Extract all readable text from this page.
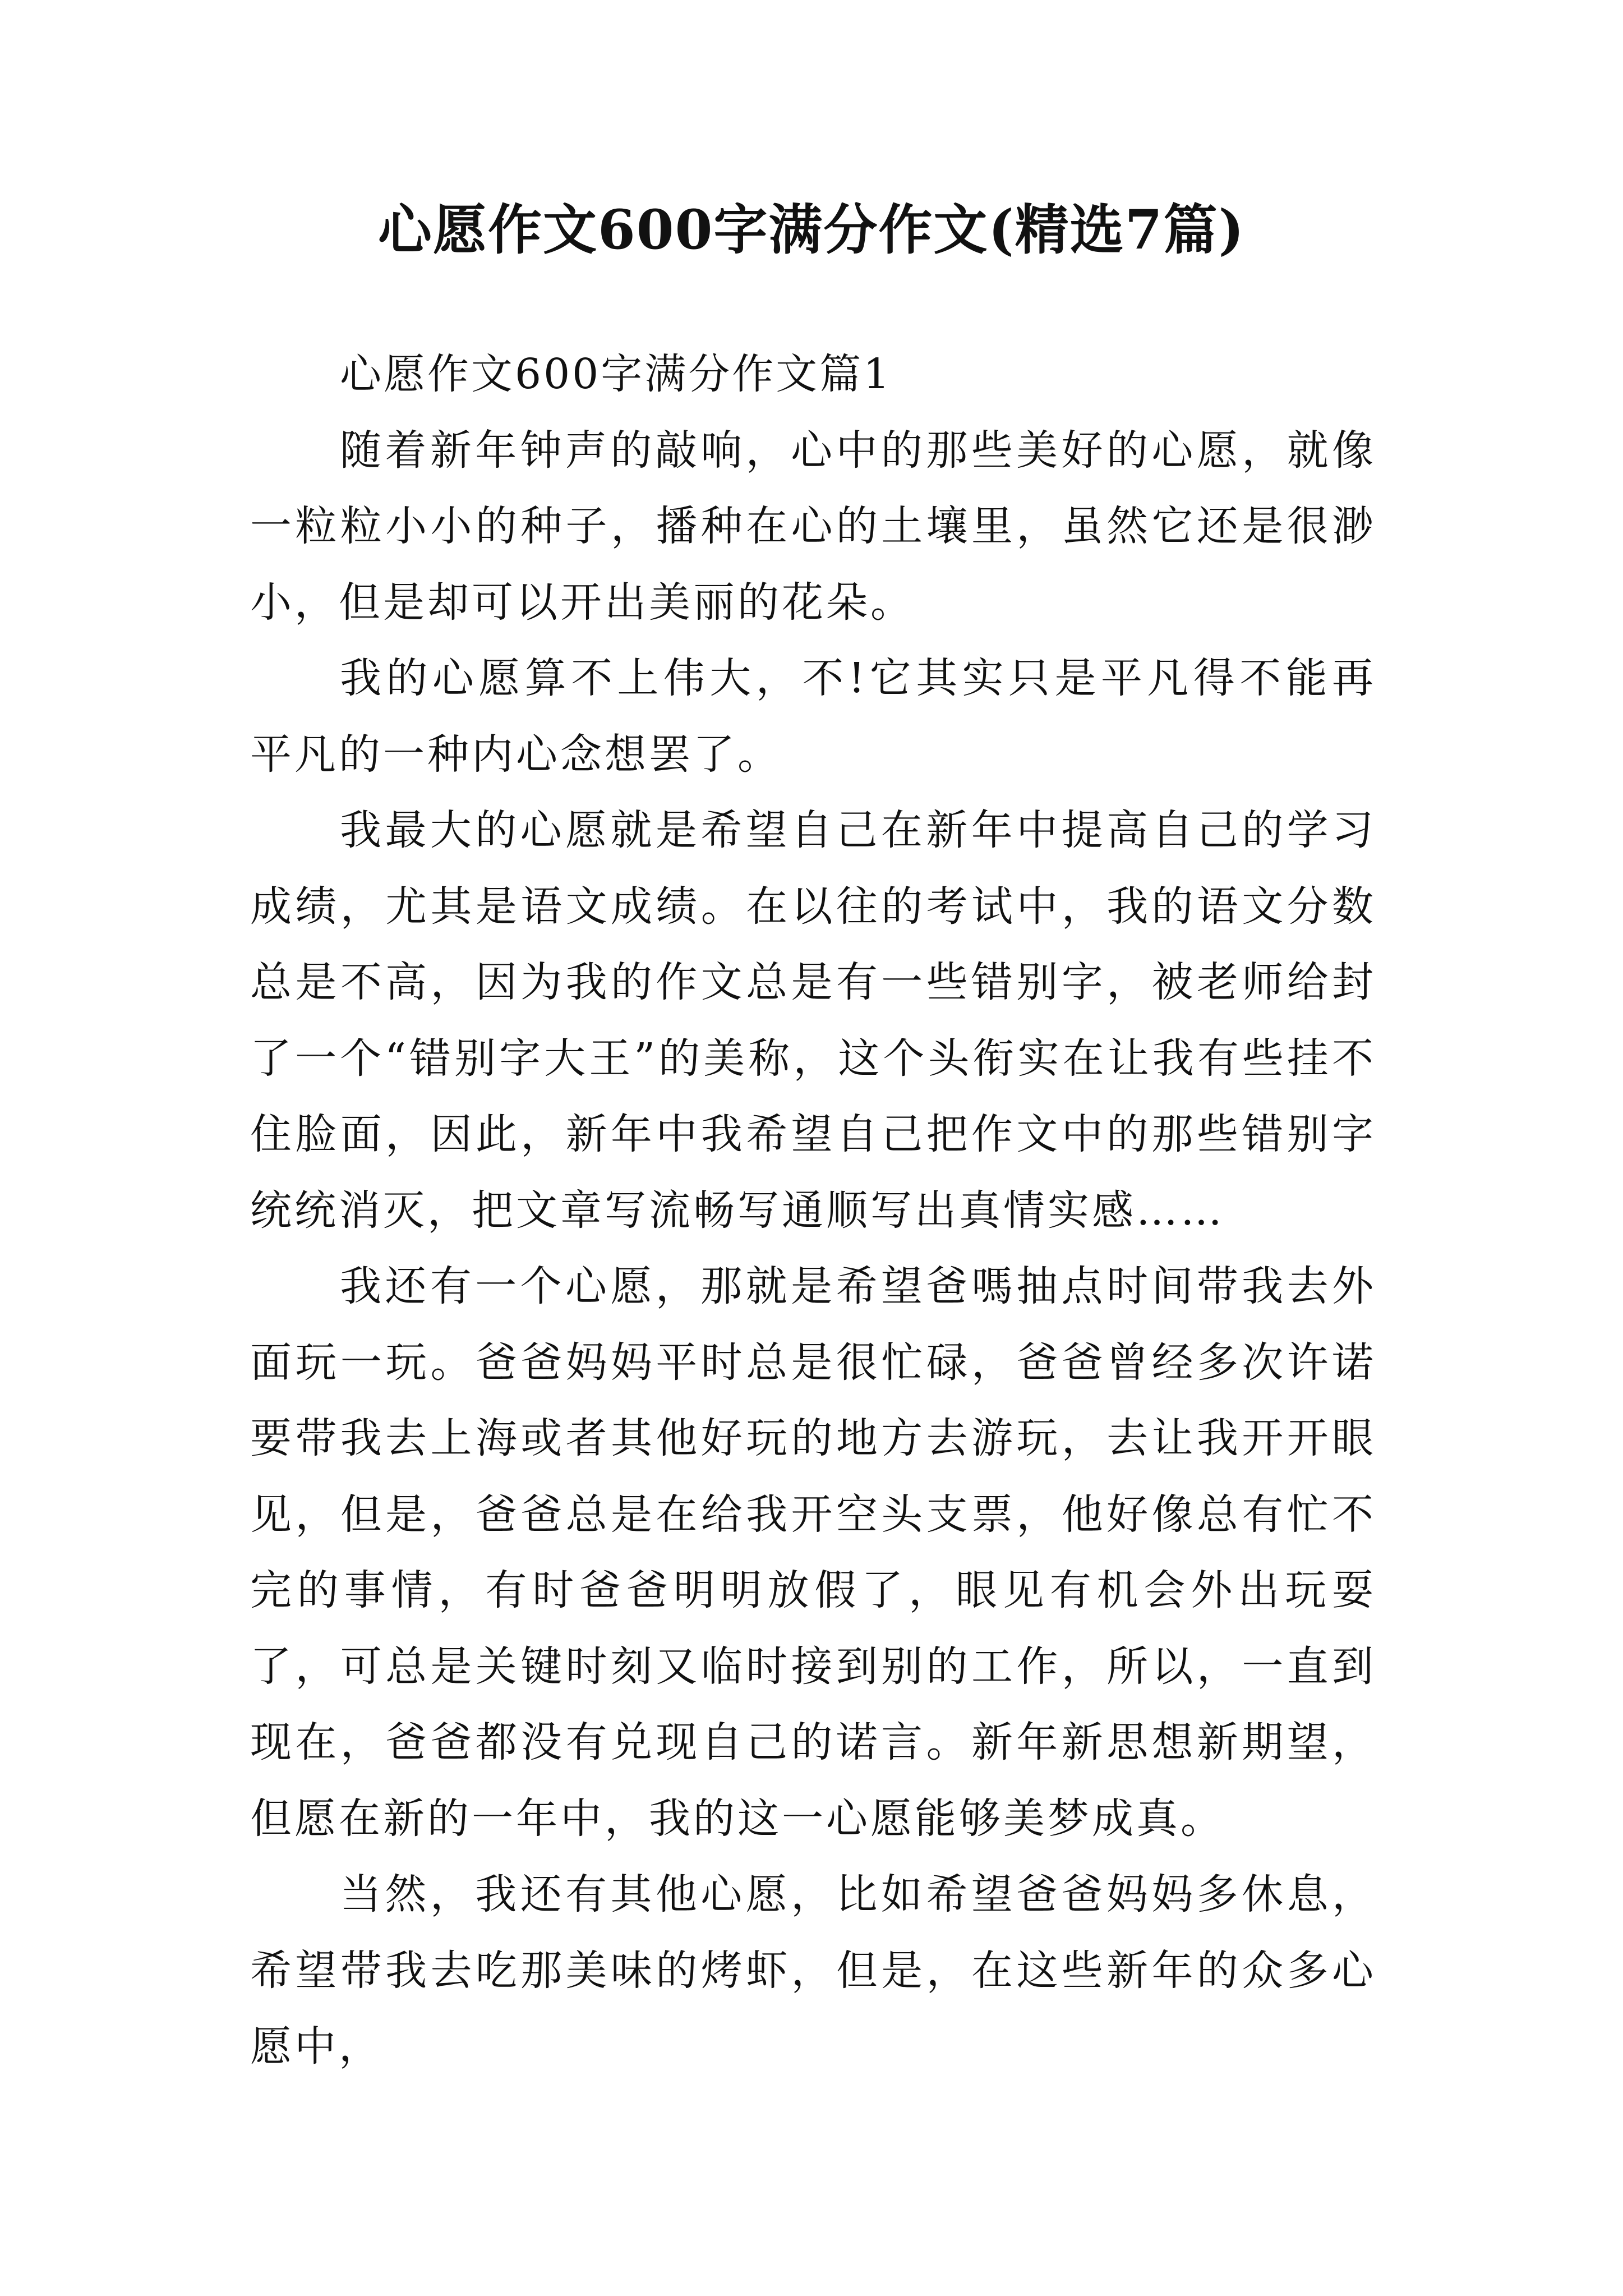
心愿作文600字满分作文(精选7篇)

心愿作文600字满分作文篇1

随着新年钟声的敲响，心中的那些美好的心愿，就像一粒粒小小的种子，播种在心的土壤里，虽然它还是很渺小，但是却可以开出美丽的花朵。

我的心愿算不上伟大，不!它其实只是平凡得不能再平凡的一种内心念想罢了。

我最大的心愿就是希望自己在新年中提高自己的学习成绩，尤其是语文成绩。在以往的考试中，我的语文分数总是不高，因为我的作文总是有一些错别字，被老师给封了一个“错别字大王”的美称，这个头衔实在让我有些挂不住脸面，因此，新年中我希望自己把作文中的那些错别字统统消灭，把文章写流畅写通顺写出真情实感……

我还有一个心愿，那就是希望爸嗎抽点时间带我去外面玩一玩。爸爸妈妈平时总是很忙碌，爸爸曾经多次许诺要带我去上海或者其他好玩的地方去游玩，去让我开开眼见，但是，爸爸总是在给我开空头支票，他好像总有忙不完的事情，有时爸爸明明放假了，眼见有机会外出玩耍了，可总是关键时刻又临时接到别的工作，所以，一直到现在，爸爸都没有兑现自己的诺言。新年新思想新期望，但愿在新的一年中，我的这一心愿能够美梦成真。

当然，我还有其他心愿，比如希望爸爸妈妈多休息，希望带我去吃那美味的烤虾，但是，在这些新年的众多心愿中，
